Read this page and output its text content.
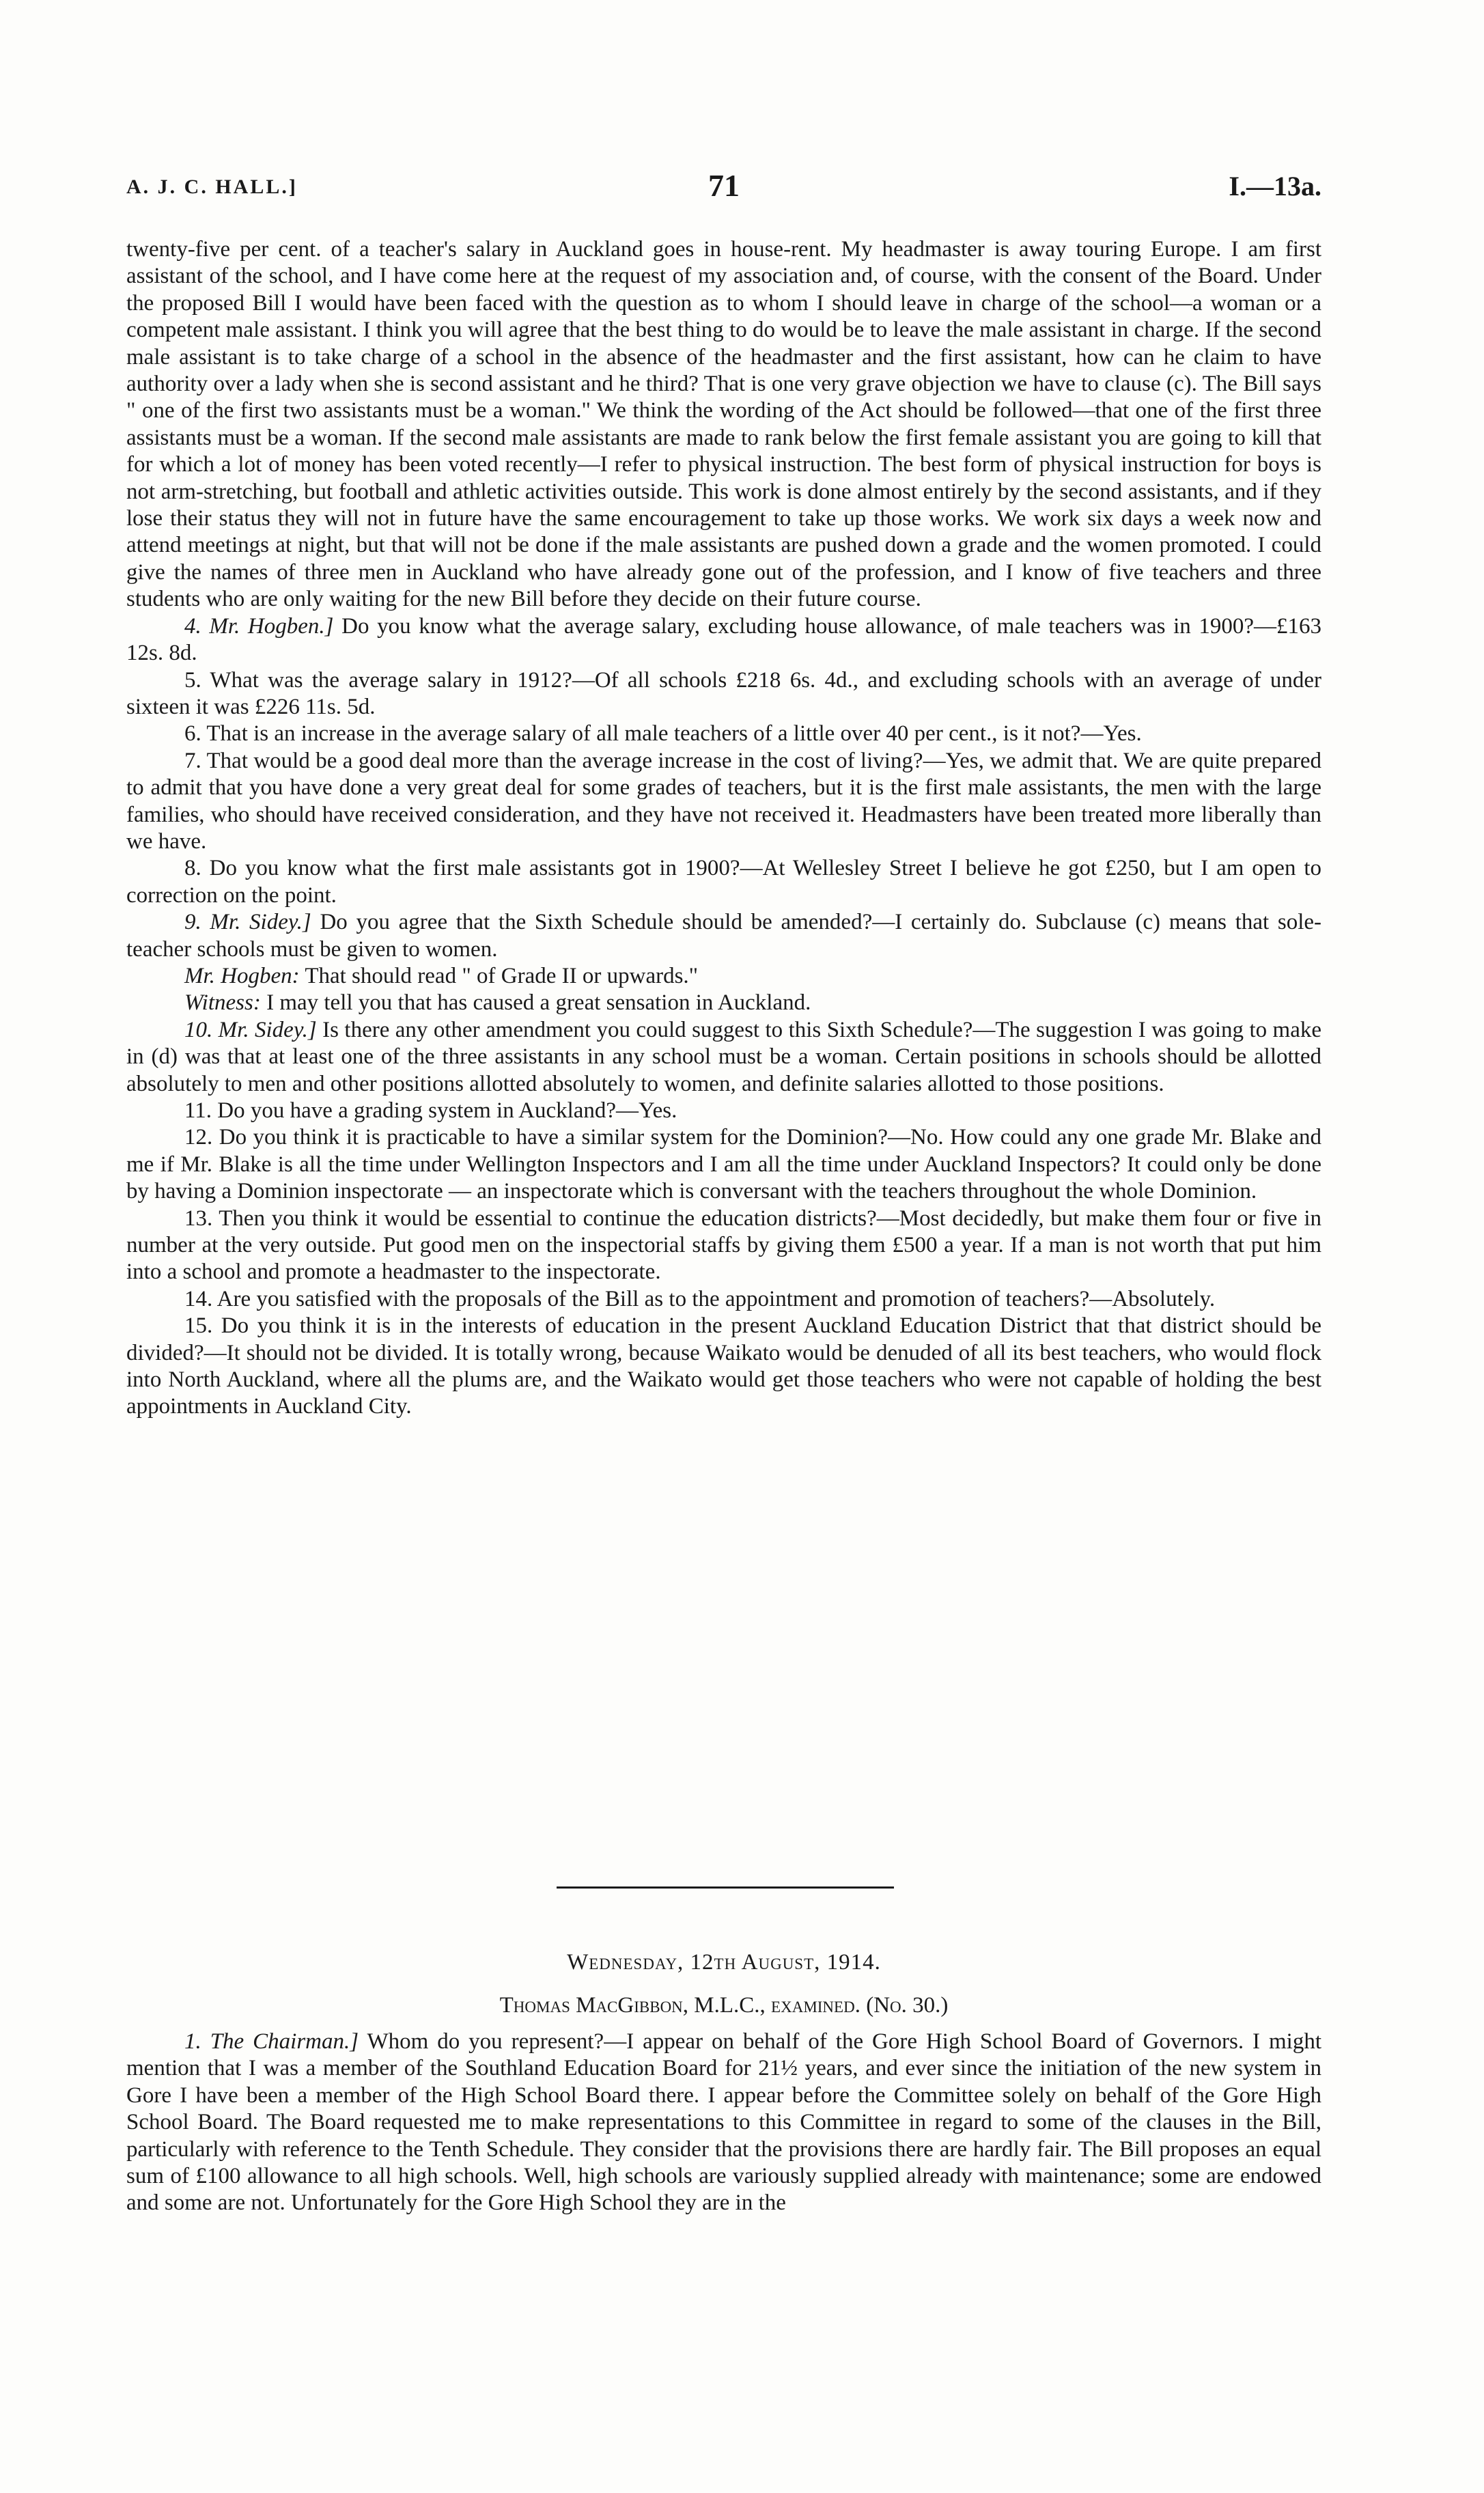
A. J. C. HALL.]	71	I.—13a.

twenty-five per cent. of a teacher's salary in Auckland goes in house-rent. My headmaster is away touring Europe. I am first assistant of the school, and I have come here at the request of my association and, of course, with the consent of the Board. Under the proposed Bill I would have been faced with the question as to whom I should leave in charge of the school—a woman or a competent male assistant. I think you will agree that the best thing to do would be to leave the male assistant in charge. If the second male assistant is to take charge of a school in the absence of the headmaster and the first assistant, how can he claim to have authority over a lady when she is second assistant and he third? That is one very grave objection we have to clause (c). The Bill says " one of the first two assistants must be a woman." We think the wording of the Act should be followed—that one of the first three assistants must be a woman. If the second male assistants are made to rank below the first female assistant you are going to kill that for which a lot of money has been voted recently—I refer to physical instruction. The best form of physical instruction for boys is not arm-stretching, but football and athletic activities outside. This work is done almost entirely by the second assistants, and if they lose their status they will not in future have the same encouragement to take up those works. We work six days a week now and attend meetings at night, but that will not be done if the male assistants are pushed down a grade and the women promoted. I could give the names of three men in Auckland who have already gone out of the profession, and I know of five teachers and three students who are only waiting for the new Bill before they decide on their future course.

4. Mr. Hogben.] Do you know what the average salary, excluding house allowance, of male teachers was in 1900?—£163 12s. 8d.

5. What was the average salary in 1912?—Of all schools £218 6s. 4d., and excluding schools with an average of under sixteen it was £226 11s. 5d.

6. That is an increase in the average salary of all male teachers of a little over 40 per cent., is it not?—Yes.

7. That would be a good deal more than the average increase in the cost of living?—Yes, we admit that. We are quite prepared to admit that you have done a very great deal for some grades of teachers, but it is the first male assistants, the men with the large families, who should have received consideration, and they have not received it. Headmasters have been treated more liberally than we have.

8. Do you know what the first male assistants got in 1900?—At Wellesley Street I believe he got £250, but I am open to correction on the point.

9. Mr. Sidey.] Do you agree that the Sixth Schedule should be amended?—I certainly do. Subclause (c) means that sole-teacher schools must be given to women.

Mr. Hogben: That should read " of Grade II or upwards."

Witness: I may tell you that has caused a great sensation in Auckland.

10. Mr. Sidey.] Is there any other amendment you could suggest to this Sixth Schedule?—The suggestion I was going to make in (d) was that at least one of the three assistants in any school must be a woman. Certain positions in schools should be allotted absolutely to men and other positions allotted absolutely to women, and definite salaries allotted to those positions.

11. Do you have a grading system in Auckland?—Yes.

12. Do you think it is practicable to have a similar system for the Dominion?—No. How could any one grade Mr. Blake and me if Mr. Blake is all the time under Wellington Inspectors and I am all the time under Auckland Inspectors? It could only be done by having a Dominion inspectorate — an inspectorate which is conversant with the teachers throughout the whole Dominion.

13. Then you think it would be essential to continue the education districts?—Most decidedly, but make them four or five in number at the very outside. Put good men on the inspectorial staffs by giving them £500 a year. If a man is not worth that put him into a school and promote a headmaster to the inspectorate.

14. Are you satisfied with the proposals of the Bill as to the appointment and promotion of teachers?—Absolutely.

15. Do you think it is in the interests of education in the present Auckland Education District that that district should be divided?—It should not be divided. It is totally wrong, because Waikato would be denuded of all its best teachers, who would flock into North Auckland, where all the plums are, and the Waikato would get those teachers who were not capable of holding the best appointments in Auckland City.

Wednesday, 12th August, 1914.
Thomas MacGibbon, M.L.C., examined. (No. 30.)

1. The Chairman.] Whom do you represent?—I appear on behalf of the Gore High School Board of Governors. I might mention that I was a member of the Southland Education Board for 21½ years, and ever since the initiation of the new system in Gore I have been a member of the High School Board there. I appear before the Committee solely on behalf of the Gore High School Board. The Board requested me to make representations to this Committee in regard to some of the clauses in the Bill, particularly with reference to the Tenth Schedule. They consider that the provisions there are hardly fair. The Bill proposes an equal sum of £100 allowance to all high schools. Well, high schools are variously supplied already with maintenance; some are endowed and some are not. Unfortunately for the Gore High School they are in the
